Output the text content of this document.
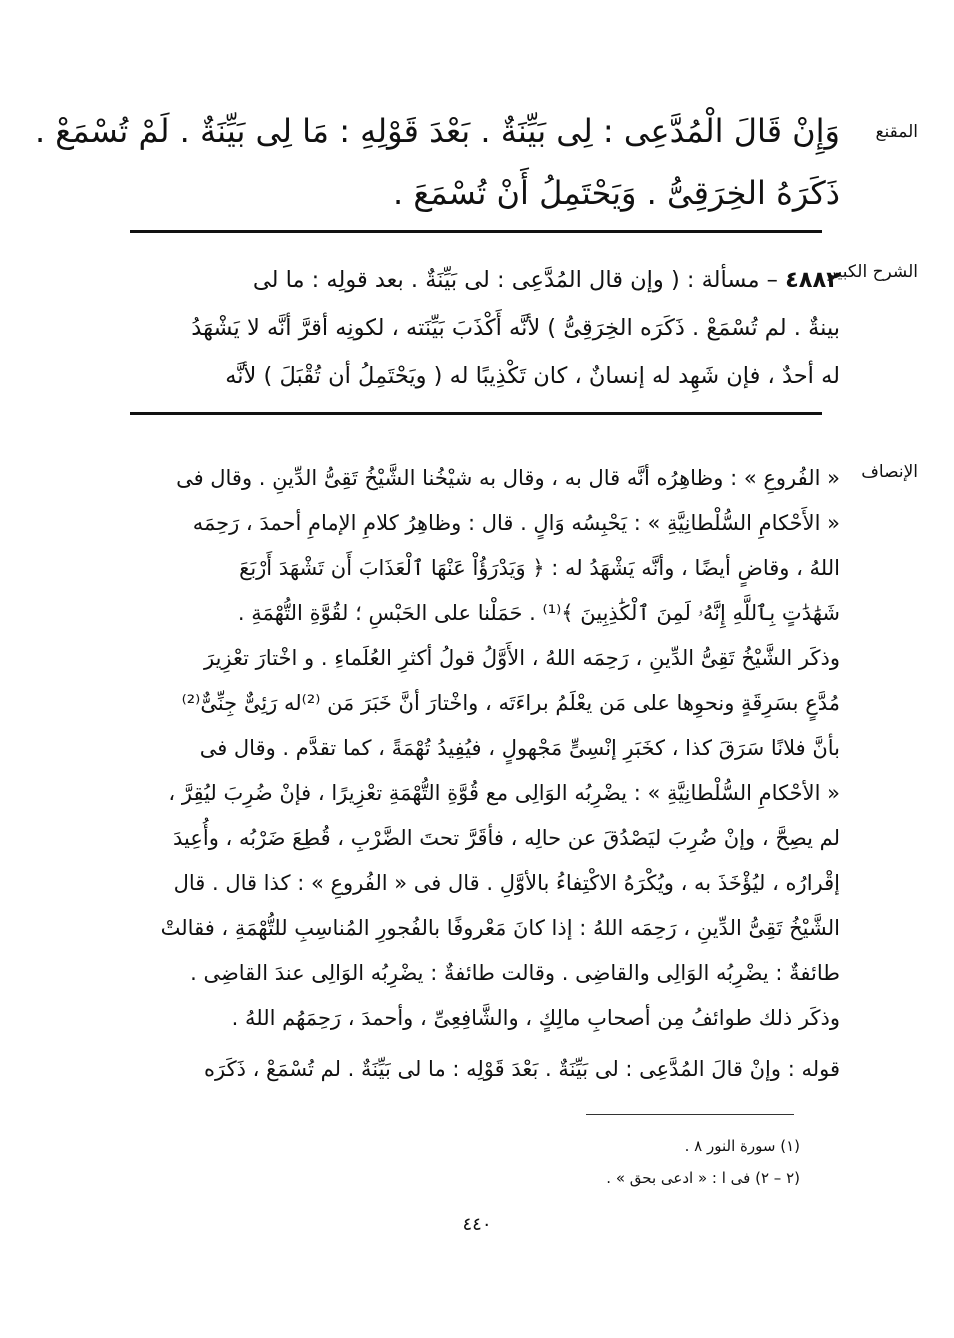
المقنع
وَإِنْ قَالَ الْمُدَّعِى : لِى بَيِّنَةٌ . بَعْدَ قَوْلِهِ : مَا لِى بَيِّنَةٌ . لَمْ تُسْمَعْ .
ذَكَرَهُ الخِرَقِىُّ . وَيَحْتَمِلُ أَنْ تُسْمَعَ .
الشرح الكبير
٤٨٨٢ – مسألة : ( وإن قال المُدَّعِى : لى بَيِّنَةٌ . بعد قولِه : ما لى
بينةٌ . لم تُسْمَعْ . ذَكَرَه الخِرَقِىُّ ) لأنَّه أَكْذَبَ بَيِّنَته ، لكونِه أقرَّ أنَّه لا يَشْهَدُ
له أحدٌ ، فإن شَهِد له إنسانٌ ، كان تَكْذِيبًا له ( ويَحْتَمِلُ أن تُقْبَلَ ) لأنَّه
الإنصاف
« الفُروعِ » : وظاهِرُه أنَّه قال به ، وقال به شيْخُنا الشَّيْخُ تَقِىُّ الدِّينِ . وقال فى
« الأَحْكامِ السُّلْطانِيَّةِ » : يَحْبِسُه وَالٍ . قال : وظاهِرُ كلامِ الإمامِ أحمدَ ، رَحِمَه
اللهُ ، وقاضٍ أيضًا ، وأنَّه يَشْهَدُ له : ﴿ وَيَدْرَؤُاْ عَنْهَا ٱلْعَذَابَ أَن تَشْهَدَ أَرْبَعَ
شَهَٰدَٰتٍ بِٱللَّهِ إِنَّهُۥ لَمِنَ ٱلْكَٰذِبِينَ ﴾⁽¹⁾ . حَمَلْنا على الحَبْسِ ؛ لقُوَّةِ التُّهْمَةِ .
وذكَر الشَّيْخُ تَقِىُّ الدِّينِ ، رَحِمَه اللهُ ، الأَوَّلُ قولُ أكثرِ العُلَماءِ . و اخْتارَ تعْزِيرَ
مُدَّعٍ بسَرِقَةٍ ونحوِها على مَن يعْلَمُ براءَتَه ، واخْتارَ أنَّ خَبَرَ مَن ⁽²⁾له رَئِىٌّ جِنِّىٌّ⁽²⁾
بأنَّ فلانًا سَرَقَ كذا ، كخَبَرِ إنْسِىٍّ مَجْهولٍ ، فيُفِيدُ تُهْمَةً ، كما تقدَّم . وقال فى
« الأحْكامِ السُّلْطانِيَّةِ » : يضْرِبُه الوَالِى مع قُوَّةِ التُّهْمَةِ تعْزِيرًا ، فإنْ ضُرِبَ ليُقِرَّ ،
لم يصِحَّ ، وإنْ ضُرِبَ ليَصْدُقَ عن حالِه ، فأقَرَّ تحتَ الضَّرْبِ ، قُطِعَ ضَرْبُه ، وأُعِيدَ
إقْرارُه ، ليُؤْخَذَ به ، ويُكْرَهُ الاكْتِفاءُ بالأوَّلِ . قال فى « الفُروعِ » : كذا قال . قال
الشَّيْخُ تَقِىُّ الدِّينِ ، رَحِمَه اللهُ : إذا كانَ مَعْروفًا بالفُجورِ المُناسِبِ للتُّهْمَةِ ، فقالتْ
طائفةٌ : يضْرِبُه الوَالِى والقاضِى . وقالت طائفةٌ : يضْرِبُه الوَالِى عندَ القاضِى .
وذكَر ذلك طوائفُ مِن أصحابِ مالِكٍ ، والشَّافِعِىِّ ، وأحمدَ ، رَحِمَهُم اللهُ .
قوله : وإنْ قالَ المُدَّعِى : لى بَيِّنَةٌ . بَعْدَ قَوْلِه : ما لى بَيِّنَةٌ . لم تُسْمَعْ ، ذَكَرَه
(١) سورة النور ٨ .
(٢ – ٢) فى ا : « ادعى بحق » .
٤٤٠
